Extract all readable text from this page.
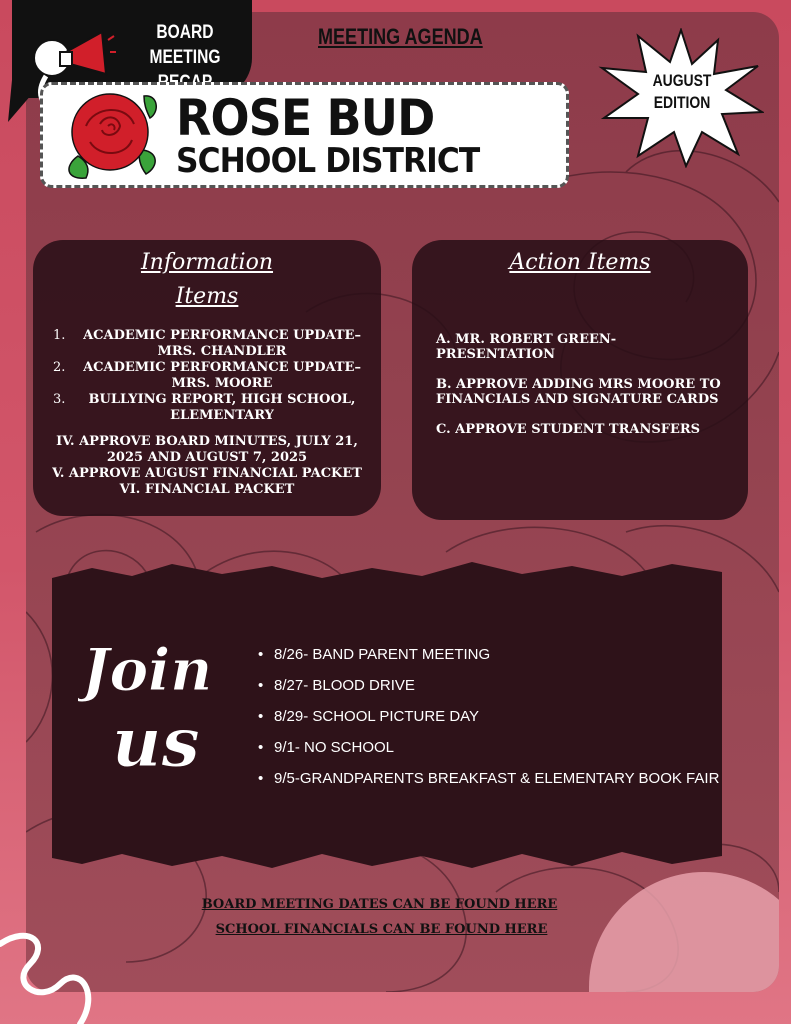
BOARD MEETING
MEETING AGENDA
AUGUST
EDITION
ROSE BUD
SCHOOL DISTRICT
Information
Items
1.	ACADEMIC PERFORMANCE UPDATE– MRS. CHANDLER
2.	ACADEMIC PERFORMANCE UPDATE– MRS. MOORE
3.	BULLYING REPORT, HIGH SCHOOL, ELEMENTARY
IV. APPROVE BOARD MINUTES, JULY 21, 2025 AND AUGUST 7, 2025
V. APPROVE AUGUST FINANCIAL PACKET
VI. FINANCIAL PACKET
Action Items
A. MR. ROBERT GREEN- PRESENTATION
B. APPROVE ADDING MRS MOORE TO FINANCIALS AND SIGNATURE CARDS
C. APPROVE STUDENT TRANSFERS
Join
us
• 8/26- BAND PARENT MEETING
• 8/27- BLOOD DRIVE
• 8/29- SCHOOL PICTURE DAY
• 9/1- NO SCHOOL
• 9/5-GRANDPARENTS BREAKFAST & ELEMENTARY BOOK FAIR
BOARD MEETING DATES CAN BE FOUND HERE
SCHOOL FINANCIALS CAN BE FOUND HERE
